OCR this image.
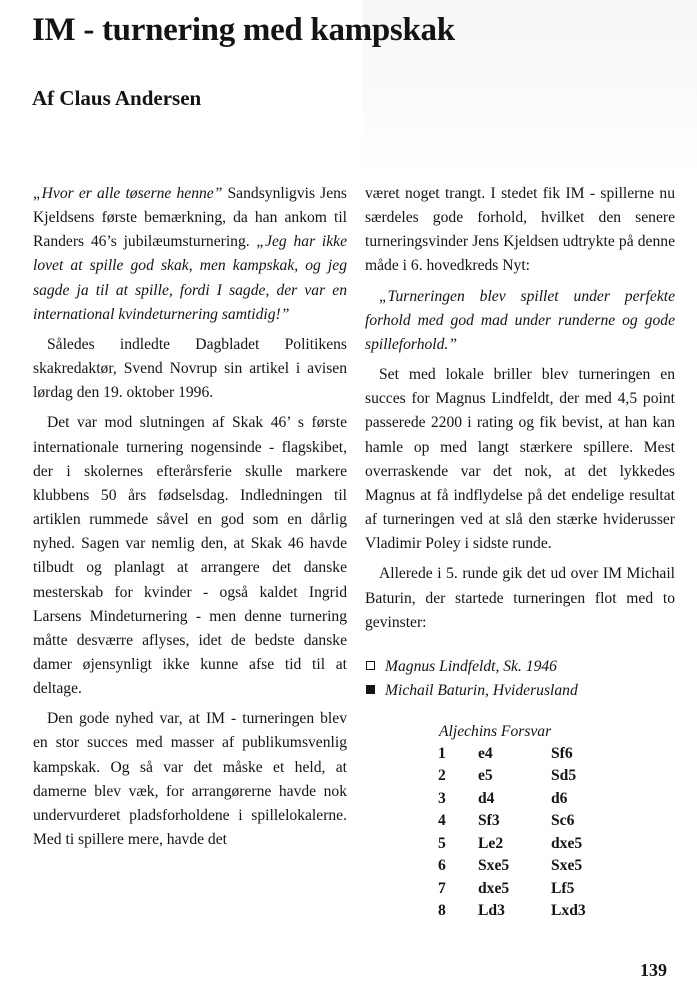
IM - turnering med kampskak
Af Claus Andersen

„Hvor er alle tøserne henne” Sandsynligvis Jens Kjeldsens første bemærkning, da han ankom til Randers 46’s jubilæumsturnering. „Jeg har ikke lovet at spille god skak, men kampskak, og jeg sagde ja til at spille, fordi I sagde, der var en international kvindeturnering samtidig!”

Således indledte Dagbladet Politikens skakredaktør, Svend Novrup sin artikel i avisen lørdag den 19. oktober 1996.

Det var mod slutningen af Skak 46’ s første internationale turnering nogensinde - flagskibet, der i skolernes efterårsferie skulle markere klubbens 50 års fødselsdag. Indledningen til artiklen rummede såvel en god som en dårlig nyhed. Sagen var nemlig den, at Skak 46 havde tilbudt og planlagt at arrangere det danske mesterskab for kvinder - også kaldet Ingrid Larsens Mindeturnering - men denne turnering måtte desværre aflyses, idet de bedste danske damer øjensynligt ikke kunne afse tid til at deltage.

Den gode nyhed var, at IM - turneringen blev en stor succes med masser af publikumsvenlig kampskak. Og så var det måske et held, at damerne blev væk, for arrangørerne havde nok undervurderet pladsforholdene i spillelokalerne. Med ti spillere mere, havde det

været noget trangt. I stedet fik IM - spillerne nu særdeles gode forhold, hvilket den senere turneringsvinder Jens Kjeldsen udtrykte på denne måde i 6. hovedkreds Nyt:

„Turneringen blev spillet under perfekte forhold med god mad under runderne og gode spilleforhold.”

Set med lokale briller blev turneringen en succes for Magnus Lindfeldt, der med 4,5 point passerede 2200 i rating og fik bevist, at han kan hamle op med langt stærkere spillere. Mest overraskende var det nok, at det lykkedes Magnus at få indflydelse på det endelige resultat af turneringen ved at slå den stærke hviderusser Vladimir Poley i sidste runde.

Allerede i 5. runde gik det ud over IM Michail Baturin, der startede turneringen flot med to gevinster:

Magnus Lindfeldt, Sk. 1946
Michail Baturin, Hviderusland
Aljechins Forsvar
1	e4	Sf6
2	e5	Sd5
3	d4	d6
4	Sf3	Sc6
5	Le2	dxe5
6	Sxe5	Sxe5
7	dxe5	Lf5
8	Ld3	Lxd3
139
